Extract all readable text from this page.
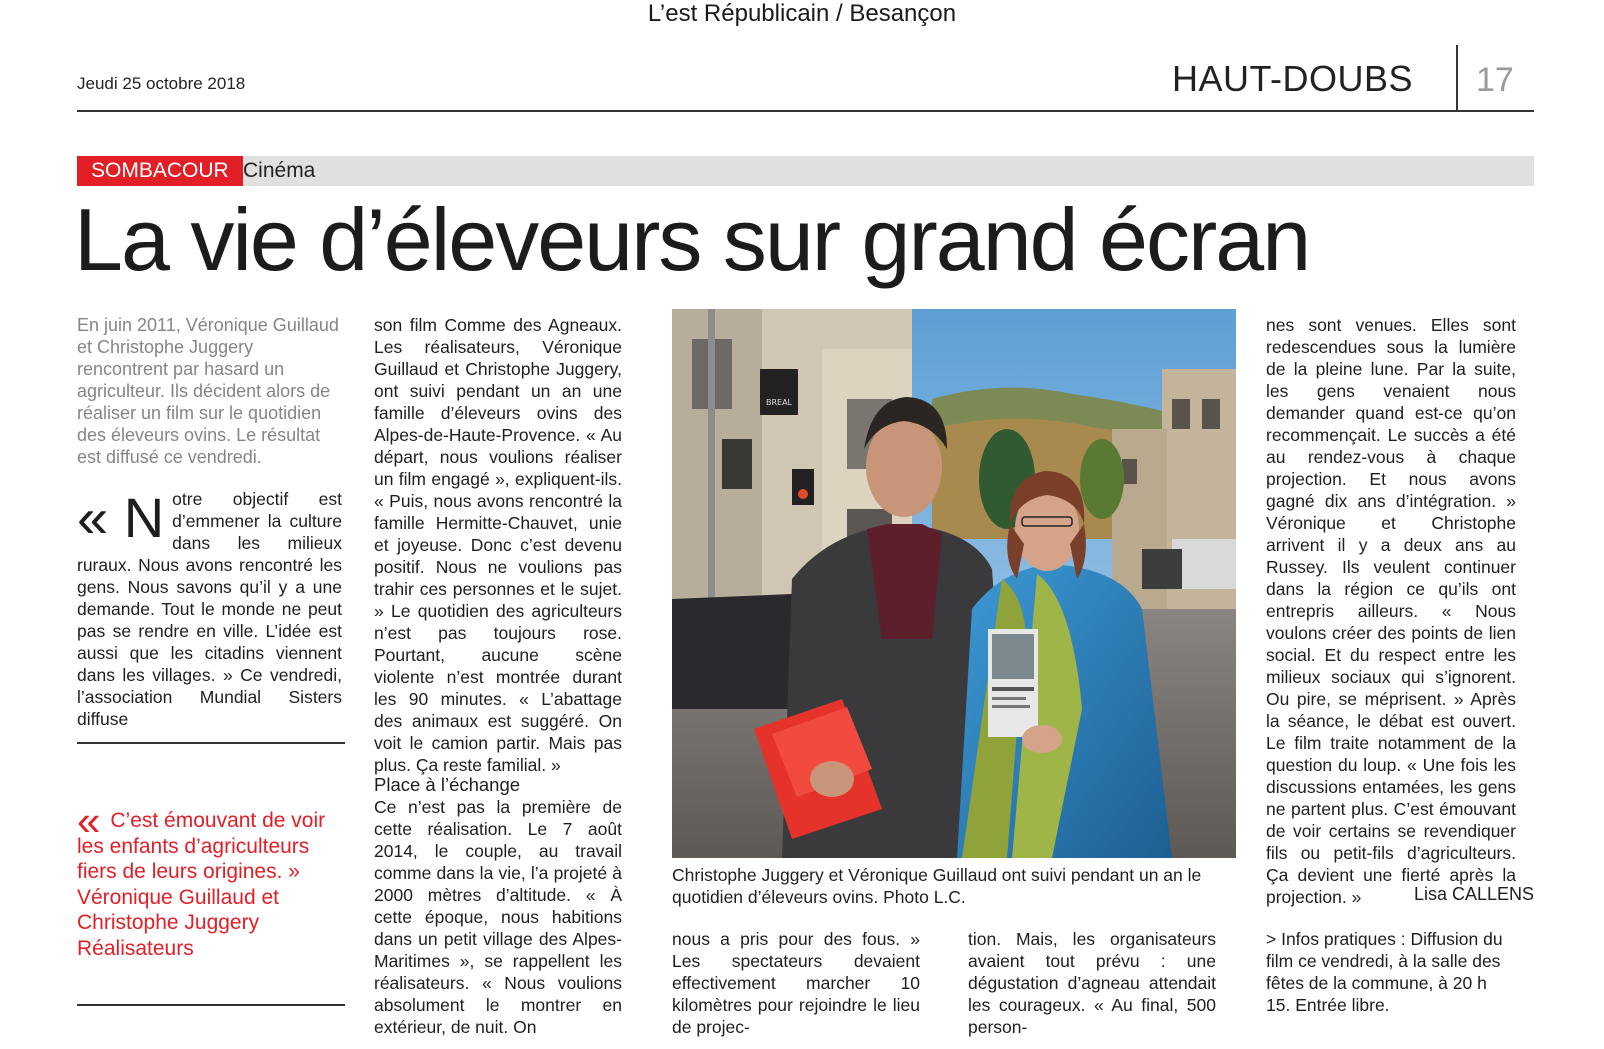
L’est Républicain / Besançon
Jeudi 25 octobre 2018	HAUT-DOUBS 17
SOMBACOUR Cinéma
La vie d’éleveurs sur grand écran
En juin 2011, Véronique Guillaud et Christophe Juggery rencontrent par hasard un agriculteur. Ils décident alors de réaliser un film sur le quotidien des éleveurs ovins. Le résultat est diffusé ce vendredi.
« N otre objectif est d’emmener la culture dans les milieux ruraux. Nous avons rencontré les gens. Nous savons qu’il y a une demande. Tout le monde ne peut pas se rendre en ville. L’idée est aussi que les citadins viennent dans les villages. » Ce vendredi, l’association Mundial Sisters diffuse
« C’est émouvant de voir les enfants d’agriculteurs fiers de leurs origines. »
Véronique Guillaud et Christophe Juggery
Réalisateurs
son film Comme des Agneaux. Les réalisateurs, Véronique Guillaud et Christophe Juggery, ont suivi pendant un an une famille d’éleveurs ovins des Alpes-de-Haute-Provence. « Au départ, nous voulions réaliser un film engagé », expliquent-ils. « Puis, nous avons rencontré la famille Hermitte-Chauvet, unie et joyeuse. Donc c’est devenu positif. Nous ne voulions pas trahir ces personnes et le sujet. » Le quotidien des agriculteurs n’est pas toujours rose. Pourtant, aucune scène violente n’est montrée durant les 90 minutes. « L’abattage des animaux est suggéré. On voit le camion partir. Mais pas plus. Ça reste familial. »
Place à l’échange
Ce n’est pas la première de cette réalisation. Le 7 août 2014, le couple, au travail comme dans la vie, l’a projeté à 2000 mètres d’altitude. « À cette époque, nous habitions dans un petit village des Alpes-Maritimes », se rappellent les réalisateurs. « Nous voulions absolument le montrer en extérieur, de nuit. On
BREAL
Christophe Juggery et Véronique Guillaud ont suivi pendant un an le quotidien d’éleveurs ovins. Photo L.C.
nous a pris pour des fous. » Les spectateurs devaient effectivement marcher 10 kilomètres pour rejoindre le lieu de projec-
tion. Mais, les organisateurs avaient tout prévu : une dégustation d’agneau attendait les courageux. « Au final, 500 person-
nes sont venues. Elles sont redescendues sous la lumière de la pleine lune. Par la suite, les gens venaient nous demander quand est-ce qu’on recommençait. Le succès a été au rendez-vous à chaque projection. Et nous avons gagné dix ans d’intégration. » Véronique et Christophe arrivent il y a deux ans au Russey. Ils veulent continuer dans la région ce qu’ils ont entrepris ailleurs. « Nous voulons créer des points de lien social. Et du respect entre les milieux sociaux qui s’ignorent. Ou pire, se méprisent. » Après la séance, le débat est ouvert. Le film traite notamment de la question du loup. « Une fois les discussions entamées, les gens ne partent plus. C’est émouvant de voir certains se revendiquer fils ou petit-fils d’agriculteurs. Ça devient une fierté après la projection. »	Lisa CALLENS
> Infos pratiques : Diffusion du film ce vendredi, à la salle des fêtes de la commune, à 20 h 15. Entrée libre.
